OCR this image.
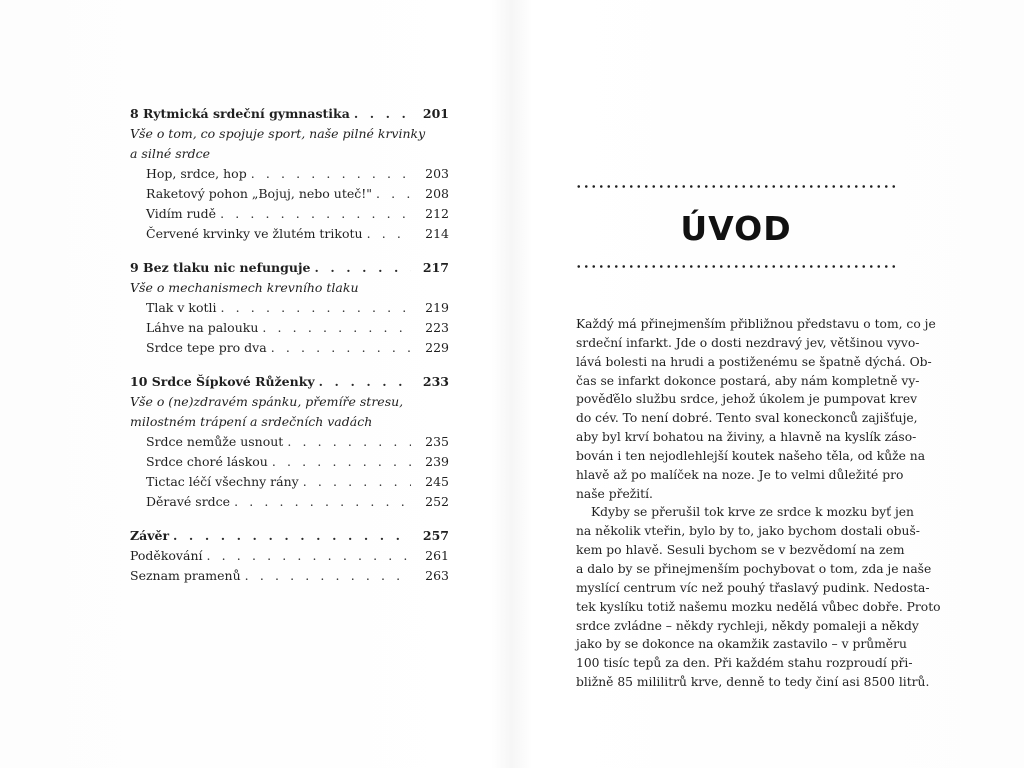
8 Rytmická srdeční gymnastika . . .	201
Vše o tom, co spojuje sport, naše pilné krvinky
a silné srdce
Hop, srdce, hop . . .	203
Raketový pohon „Bojuj, nebo uteč!" . . .	208
Vidím rudě . . .	212
Červené krvinky ve žlutém trikotu . . .	214
9 Bez tlaku nic nefunguje . . .	217
Vše o mechanismech krevního tlaku
Tlak v kotli . . .	219
Láhve na palouku . . .	223
Srdce tepe pro dva . . .	229
10 Srdce Šípkové Růženky . . .	233
Vše o (ne)zdravém spánku, přemíře stresu,
milostném trápení a srdečních vadách
Srdce nemůže usnout . . .	235
Srdce choré láskou . . .	239
Tictac léčí všechny rány . . .	245
Děravé srdce . . .	252
Závěr . . .	257
Poděkování . . .	261
Seznam pramenů . . .	263
ÚVOD
Každý má přinejmenším přibližnou představu o tom, co je
srdeční infarkt. Jde o dosti nezdravý jev, většinou vyvo-
lává bolesti na hrudi a postiženému se špatně dýchá. Ob-
čas se infarkt dokonce postará, aby nám kompletně vy-
pověďělo službu srdce, jehož úkolem je pumpovat krev
do cév. To není dobré. Tento sval koneckonců zajišťuje,
aby byl krví bohatou na živiny, a hlavně na kyslík záso-
bován i ten nejodlehlejší koutek našeho těla, od kůže na
hlavě až po malíček na noze. Je to velmi důležité pro
naše přežití.
Kdyby se přerušil tok krve ze srdce k mozku byť jen
na několik vteřin, bylo by to, jako bychom dostali obuš-
kem po hlavě. Sesuli bychom se v bezvědomí na zem
a dalo by se přinejmenším pochybovat o tom, zda je naše
myslící centrum víc než pouhý třaslavý pudink. Nedosta-
tek kyslíku totiž našemu mozku nedělá vůbec dobře. Proto
srdce zvládne – někdy rychleji, někdy pomaleji a někdy
jako by se dokonce na okamžik zastavilo – v průměru
100 tisíc tepů za den. Při každém stahu rozproudí při-
bližně 85 mililitrů krve, denně to tedy činí asi 8500 litrů.
